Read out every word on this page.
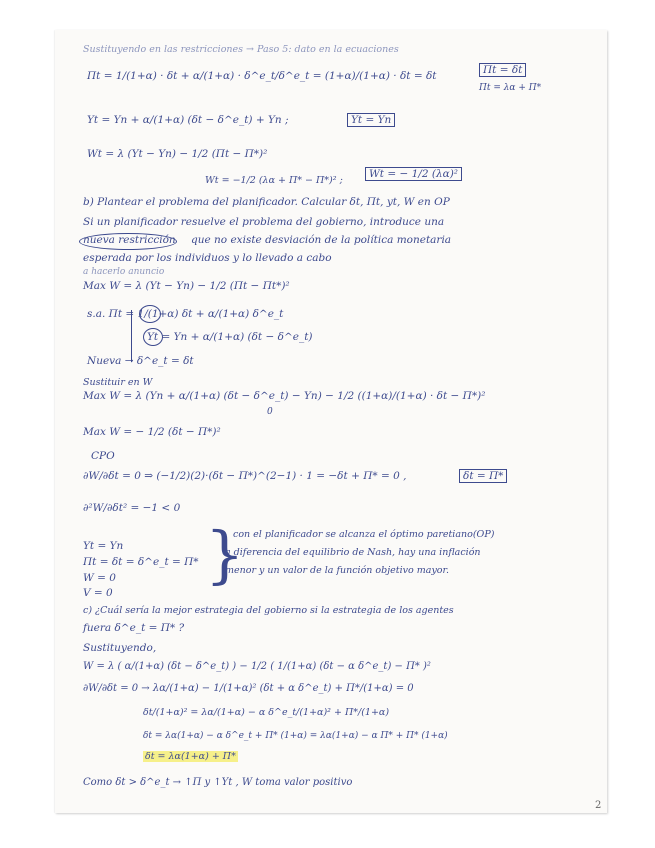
Sustituyendo en las restricciones → Paso 5: dato en la ecuaciones
Πt = 1/(1+α) · δt + α/(1+α) · δ^e_t/δ^e_t = (1+α)/(1+α) · δt = δt	Πt = δt
Πt = λα + Π*
Yt = Yn + α/(1+α) (δt − δ^e_t) + Yn ;	Yt = Yn
Wt = λ (Yt − Yn) − 1/2 (Πt − Π*)²
Wt = −1/2 (λα + Π* − Π*)² ;
Wt = − 1/2 (λα)²
b) Plantear el problema del planificador. Calcular δt, Πt, yt, W en OP
Si un planificador resuelve el problema del gobierno, introduce una
nueva restricción que no existe desviación de la política monetaria
esperada por los individuos y lo llevado a cabo
a hacerlo anuncio
Max W = λ (Yt − Yn) − 1/2 (Πt − Πt*)²
s.a. Πt = 1/(1+α) δt + α/(1+α) δ^e_t
Yt = Yn + α/(1+α) (δt − δ^e_t)
Nueva → δ^e_t = δt
Sustituir en W
Max W = λ (Yn + α/(1+α) (δt − δ^e_t) − Yn) − 1/2 ((1+α)/(1+α) · δt − Π*)²
0
Max W = − 1/2 (δt − Π*)²
CPO
∂W/∂δt = 0 ⇒ (−1/2)(2)·(δt − Π*)^(2−1) · 1 = −δt + Π* = 0 ,	δt = Π*
∂²W/∂δt² = −1 < 0
Yt = Yn
Πt = δt = δ^e_t = Π*
W = 0
V = 0
}
con el planificador se alcanza el óptimo paretiano(OP)
a diferencia del equilibrio de Nash, hay una inflación
menor y un valor de la función objetivo mayor.
c) ¿Cuál sería la mejor estrategia del gobierno si la estrategia de los agentes
fuera δ^e_t = Π* ?
Sustituyendo,
W = λ ( α/(1+α) (δt − δ^e_t) ) − 1/2 ( 1/(1+α) (δt − α δ^e_t) − Π* )²
∂W/∂δt = 0 → λα/(1+α) − 1/(1+α)² (δt + α δ^e_t) + Π*/(1+α) = 0
δt/(1+α)² = λα/(1+α) − α δ^e_t/(1+α)² + Π*/(1+α)
δt = λα(1+α) − α δ^e_t + Π* (1+α) = λα(1+α) − α Π* + Π* (1+α)
δt = λα(1+α) + Π*
Como δt > δ^e_t → ↑Π y ↑Yt , W toma valor positivo
2
